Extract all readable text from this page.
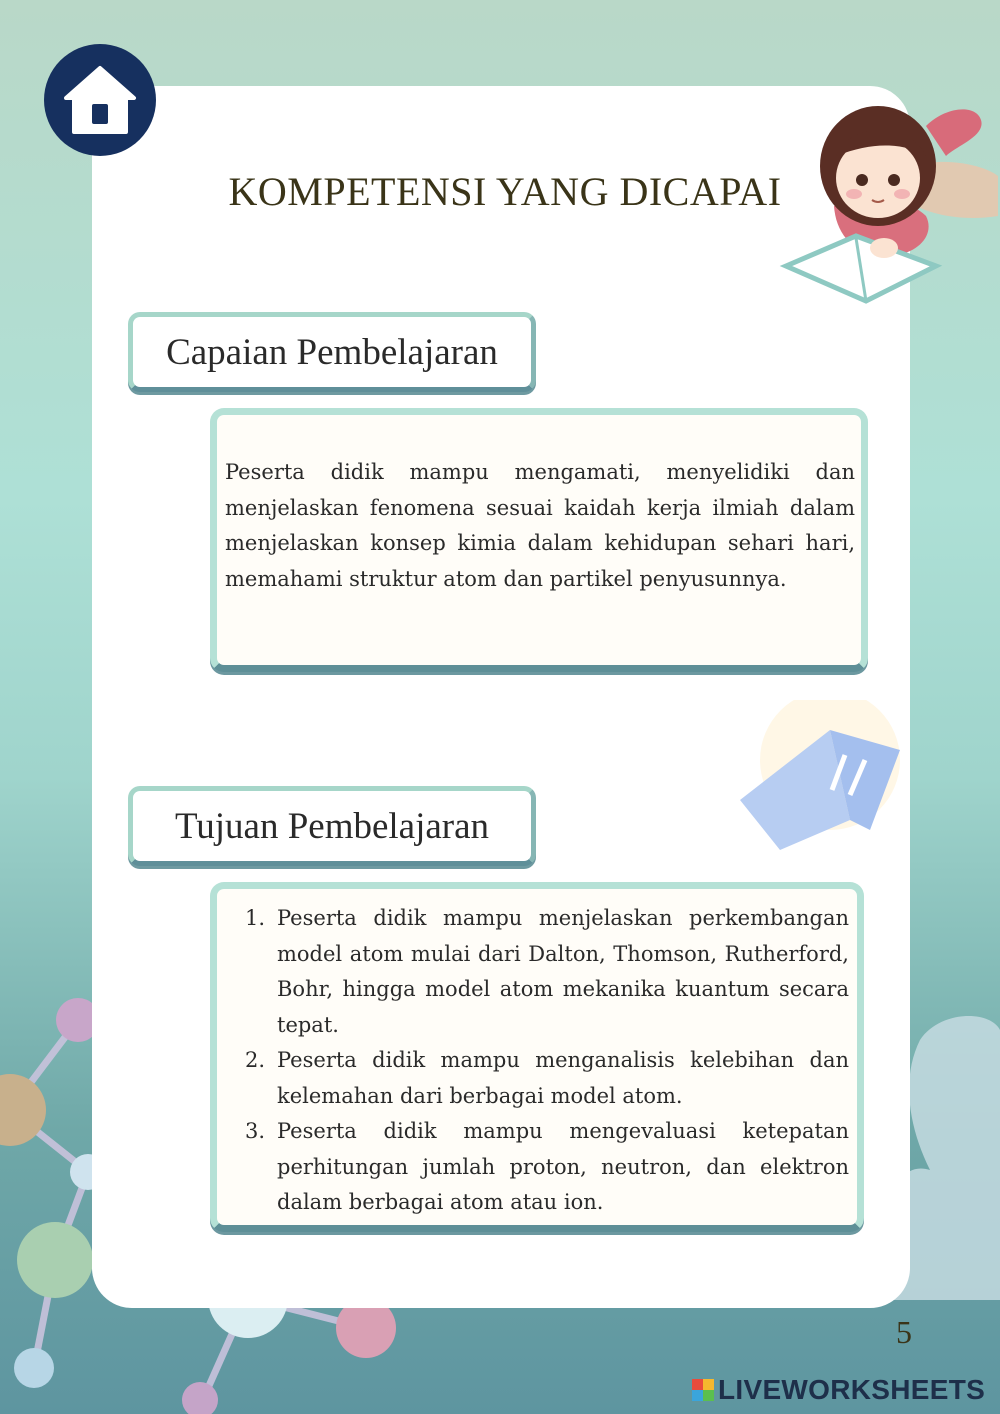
KOMPETENSI YANG DICAPAI
Capaian Pembelajaran

Peserta didik mampu mengamati, menyelidiki dan menjelaskan fenomena sesuai kaidah kerja ilmiah dalam menjelaskan konsep kimia dalam kehidupan sehari hari, memahami struktur atom dan partikel penyusunnya.

Tujuan Pembelajaran
1. Peserta didik mampu menjelaskan perkembangan model atom mulai dari Dalton, Thomson, Rutherford, Bohr, hingga model atom mekanika kuantum secara tepat.
2. Peserta didik mampu menganalisis kelebihan dan kelemahan dari berbagai model atom.
3. Peserta didik mampu mengevaluasi ketepatan perhitungan jumlah proton, neutron, dan elektron dalam berbagai atom atau ion.
5
LIVEWORKSHEETS
